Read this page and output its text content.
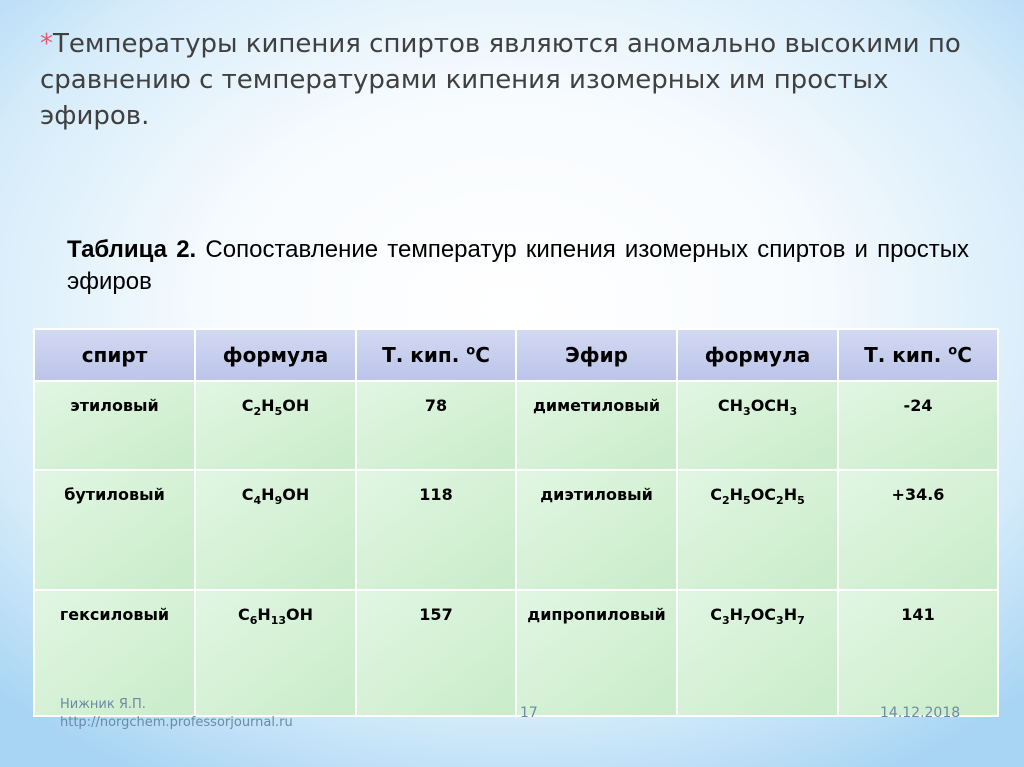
*Температуры кипения спиртов являются аномально высокими по сравнению с температурами кипения изомерных им простых эфиров.
Таблица 2. Сопоставление температур кипения изомерных спиртов и простых эфиров
спирт	формула	Т. кип. $^о$С	Эфир	формула	Т. кип. $^о$С
этиловый	$C_2H_5OH$	78	диметиловый	$CH_3OCH_3$	-24
бутиловый	$C_4H_9OH$	118	диэтиловый	$C_2H_5OC_2H_5$	+34.6
гексиловый	$C_6H_{13}OH$	157	дипропиловый	$C_3H_7OC_3H_7$	141
Нижник Я.П.
http://norgchem.professorjournal.ru
17	14.12.2018
